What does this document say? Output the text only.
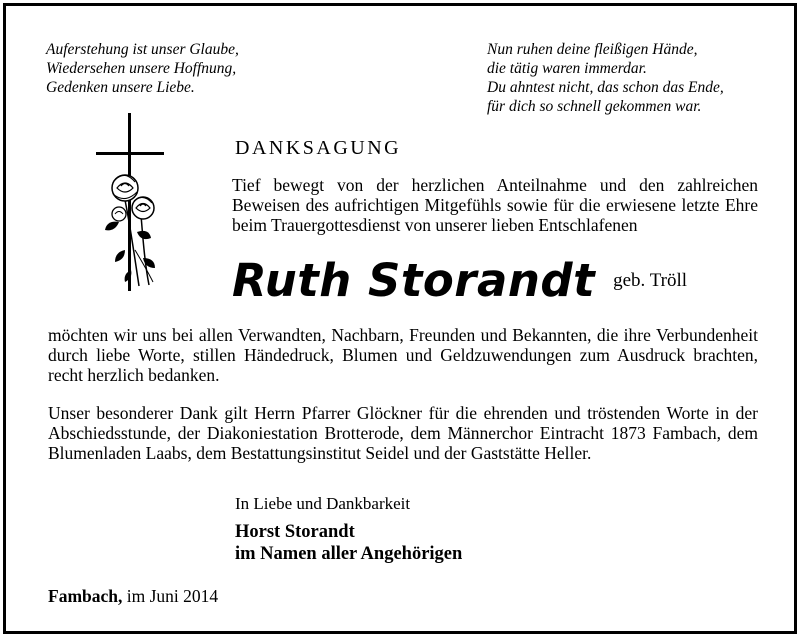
Auferstehung ist unser Glaube,
Wiedersehen unsere Hoffnung,
Gedenken unsere Liebe.
Nun ruhen deine fleißigen Hände,
die tätig waren immerdar.
Du ahntest nicht, das schon das Ende,
für dich so schnell gekommen war.
DANKSAGUNG

Tief bewegt von der herzlichen Anteilnahme und den zahlreichen Beweisen des aufrichtigen Mitgefühls sowie für die erwiesene letzte Ehre beim Trauergottesdienst von unserer lieben Entschlafenen

Ruth Storandt geb. Tröll

möchten wir uns bei allen Verwandten, Nachbarn, Freunden und Bekannten, die ihre Verbundenheit durch liebe Worte, stillen Händedruck, Blumen und Geldzuwendungen zum Ausdruck brachten, recht herzlich bedanken.

Unser besonderer Dank gilt Herrn Pfarrer Glöckner für die ehrenden und tröstenden Worte in der Abschiedsstunde, der Diakoniestation Brotterode, dem Männerchor Eintracht 1873 Fambach, dem Blumenladen Laabs, dem Bestattungsinstitut Seidel und der Gaststätte Heller.

In Liebe und Dankbarkeit
Horst Storandt
im Namen aller Angehörigen
Fambach, im Juni 2014
